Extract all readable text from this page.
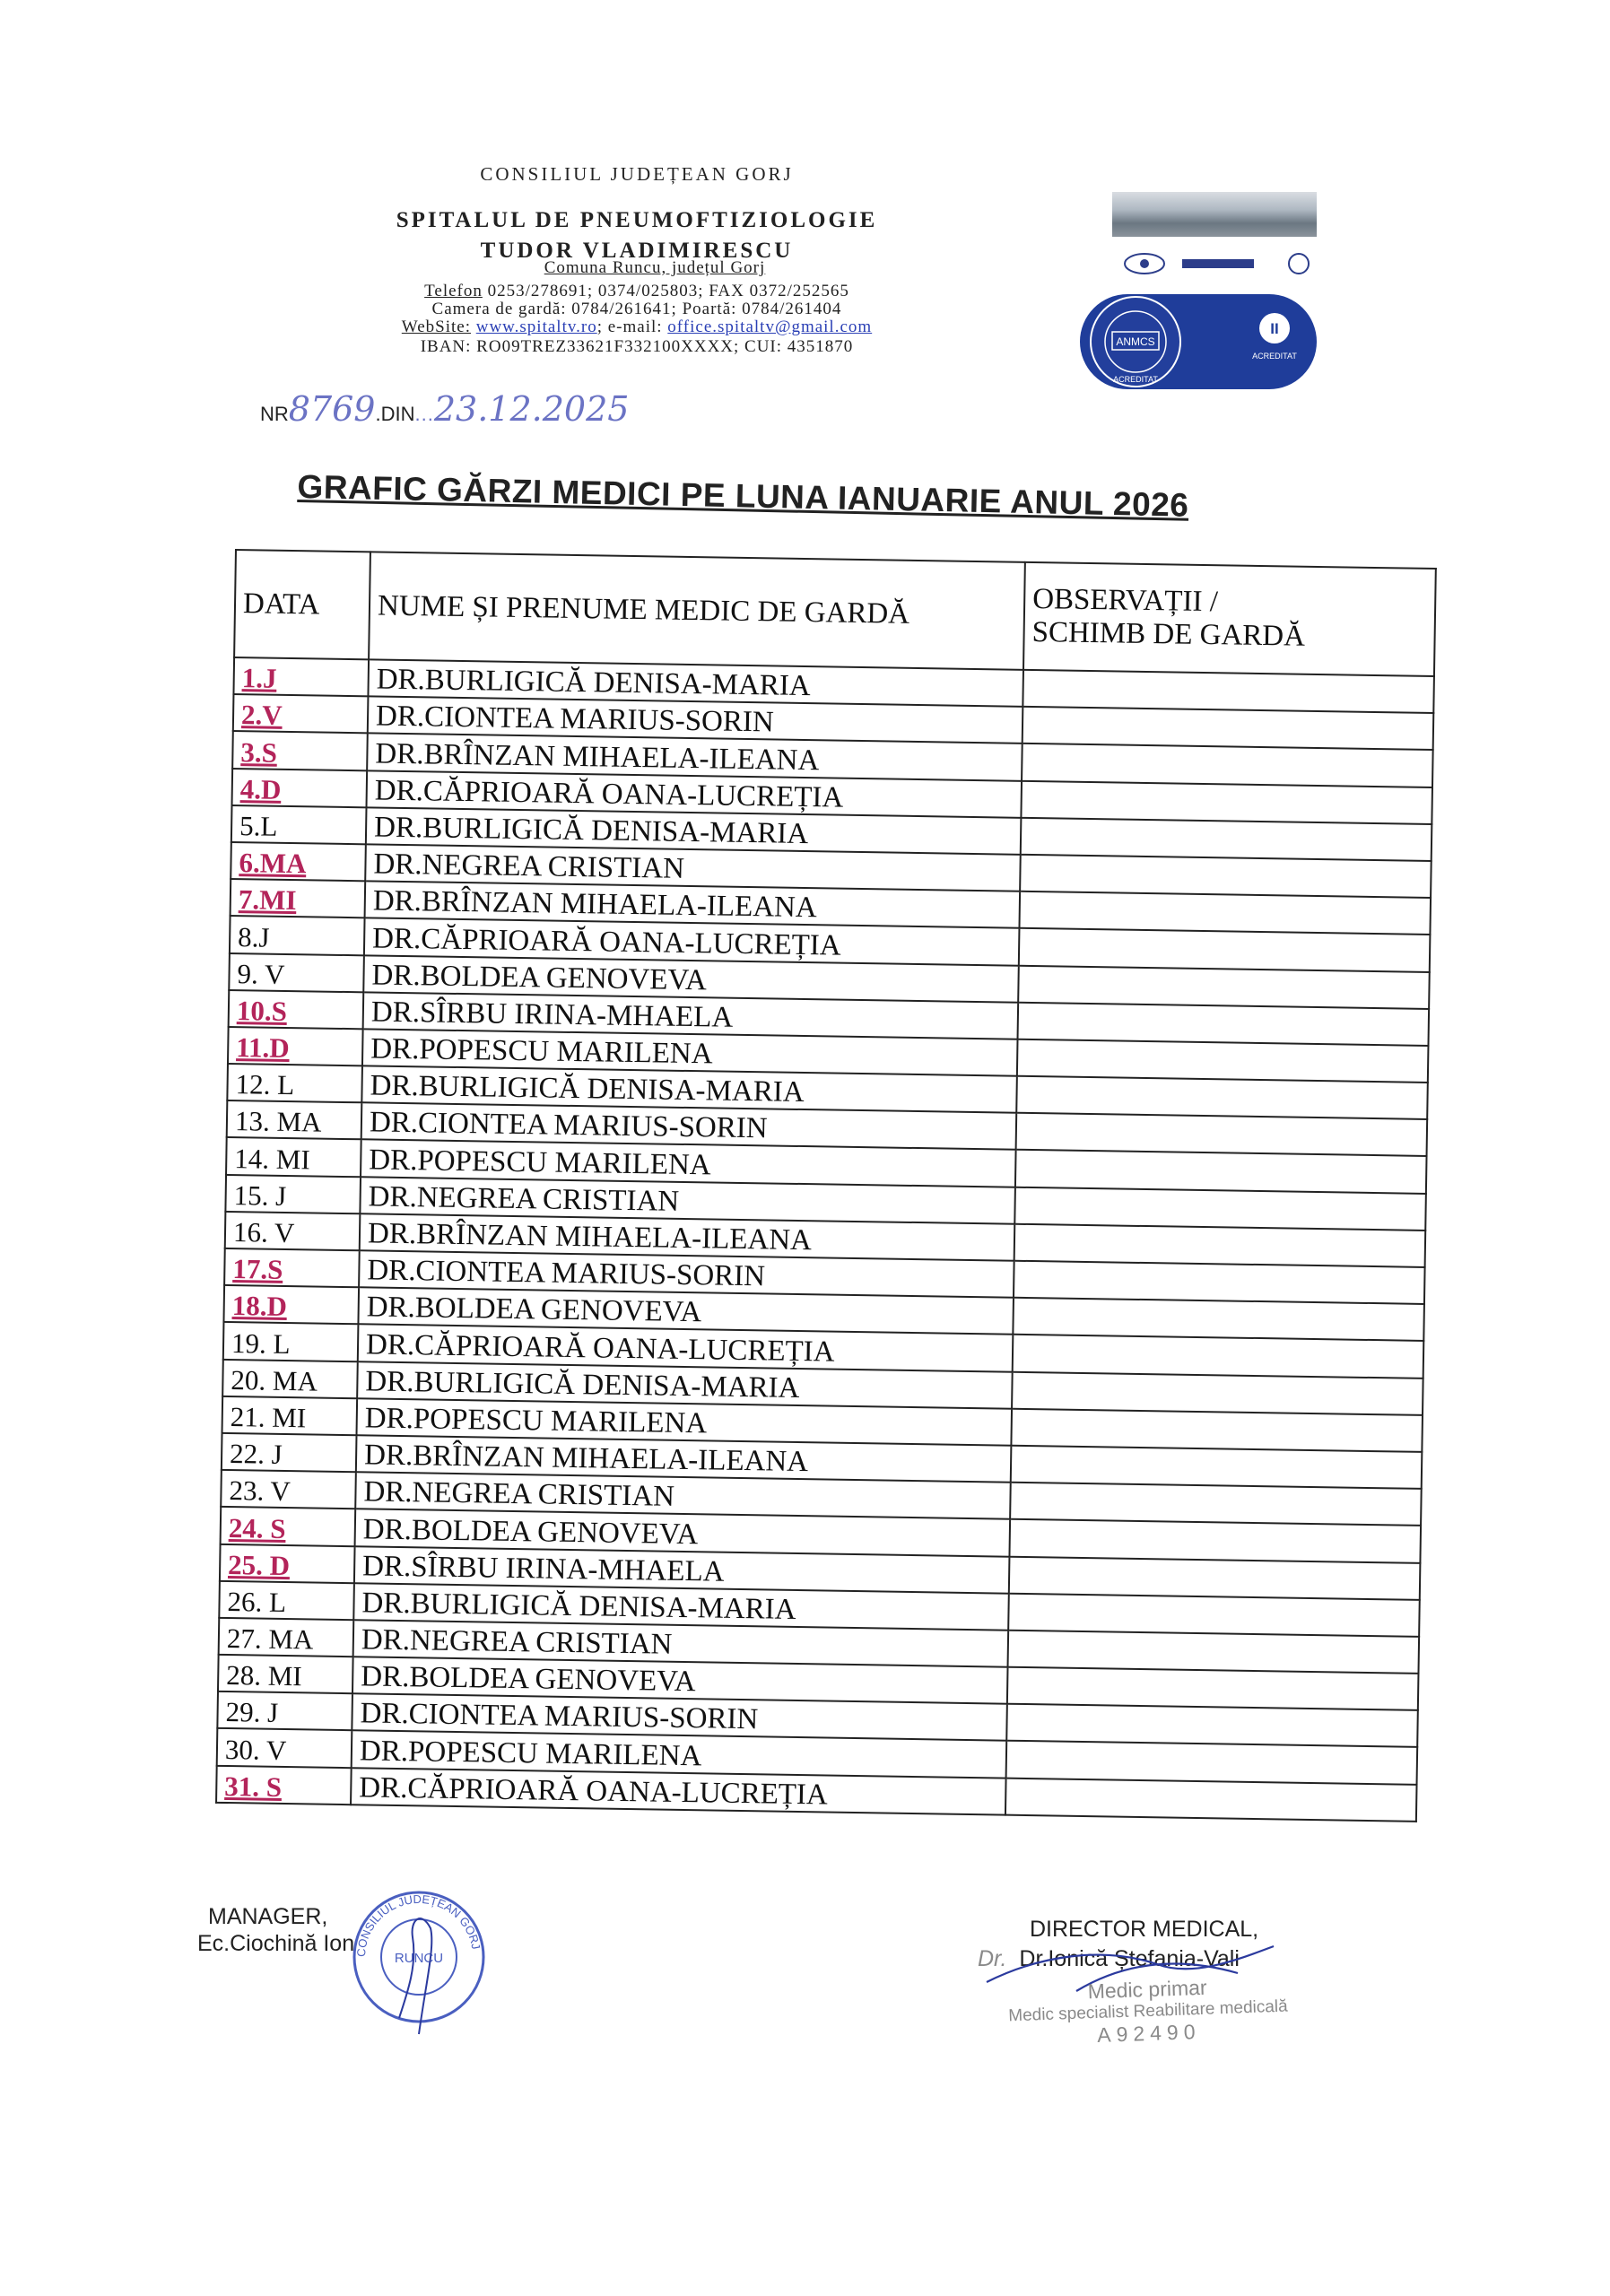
CONSILIUL JUDEȚEAN GORJ
SPITALUL DE PNEUMOFTIZIOLOGIE
TUDOR VLADIMIRESCU
Comuna Runcu, județul Gorj
Telefon 0253/278691; 0374/025803; FAX 0372/252565
Camera de gardă: 0784/261641; Poartă: 0784/261404
WebSite: www.spitaltv.ro; e-mail: office.spitaltv@gmail.com
IBAN: RO09TREZ33621F332100XXXX; CUI: 4351870	ANMCS
ACREDITAT
II
ACREDITAT
NR8769.DIN...23.12.2025
GRAFIC GĂRZI MEDICI PE LUNA IANUARIE ANUL 2026
DATA	NUME ȘI PRENUME MEDIC DE GARDĂ	OBSERVAȚII /
SCHIMB DE GARDĂ
1.J	DR.BURLIGICĂ DENISA-MARIA	
2.V	DR.CIONTEA MARIUS-SORIN	
3.S	DR.BRÎNZAN MIHAELA-ILEANA	
4.D	DR.CĂPRIOARĂ OANA-LUCREȚIA	
5.L	DR.BURLIGICĂ DENISA-MARIA	
6.MA	DR.NEGREA CRISTIAN	
7.MI	DR.BRÎNZAN MIHAELA-ILEANA	
8.J	DR.CĂPRIOARĂ OANA-LUCREȚIA	
9. V	DR.BOLDEA GENOVEVA	
10.S	DR.SÎRBU IRINA-MHAELA	
11.D	DR.POPESCU MARILENA	
12. L	DR.BURLIGICĂ DENISA-MARIA	
13. MA	DR.CIONTEA MARIUS-SORIN	
14. MI	DR.POPESCU MARILENA	
15. J	DR.NEGREA CRISTIAN	
16. V	DR.BRÎNZAN MIHAELA-ILEANA	
17.S	DR.CIONTEA MARIUS-SORIN	
18.D	DR.BOLDEA GENOVEVA	
19. L	DR.CĂPRIOARĂ OANA-LUCREȚIA	
20. MA	DR.BURLIGICĂ DENISA-MARIA	
21. MI	DR.POPESCU MARILENA	
22. J	DR.BRÎNZAN MIHAELA-ILEANA	
23. V	DR.NEGREA CRISTIAN	
24. S	DR.BOLDEA GENOVEVA	
25. D	DR.SÎRBU IRINA-MHAELA	
26. L	DR.BURLIGICĂ DENISA-MARIA	
27. MA	DR.NEGREA CRISTIAN	
28. MI	DR.BOLDEA GENOVEVA	
29. J	DR.CIONTEA MARIUS-SORIN	
30. V	DR.POPESCU MARILENA	
31. S	DR.CĂPRIOARĂ OANA-LUCREȚIA	
MANAGER,
Ec.Ciochină Ion CONSILIUL JUDEȚEAN GORJ
RUNCU
DIRECTOR MEDICAL,
Dr. Dr.Ionică Ștefania-Vali
Medic primar
Medic specialist Reabilitare medicală
A92490
